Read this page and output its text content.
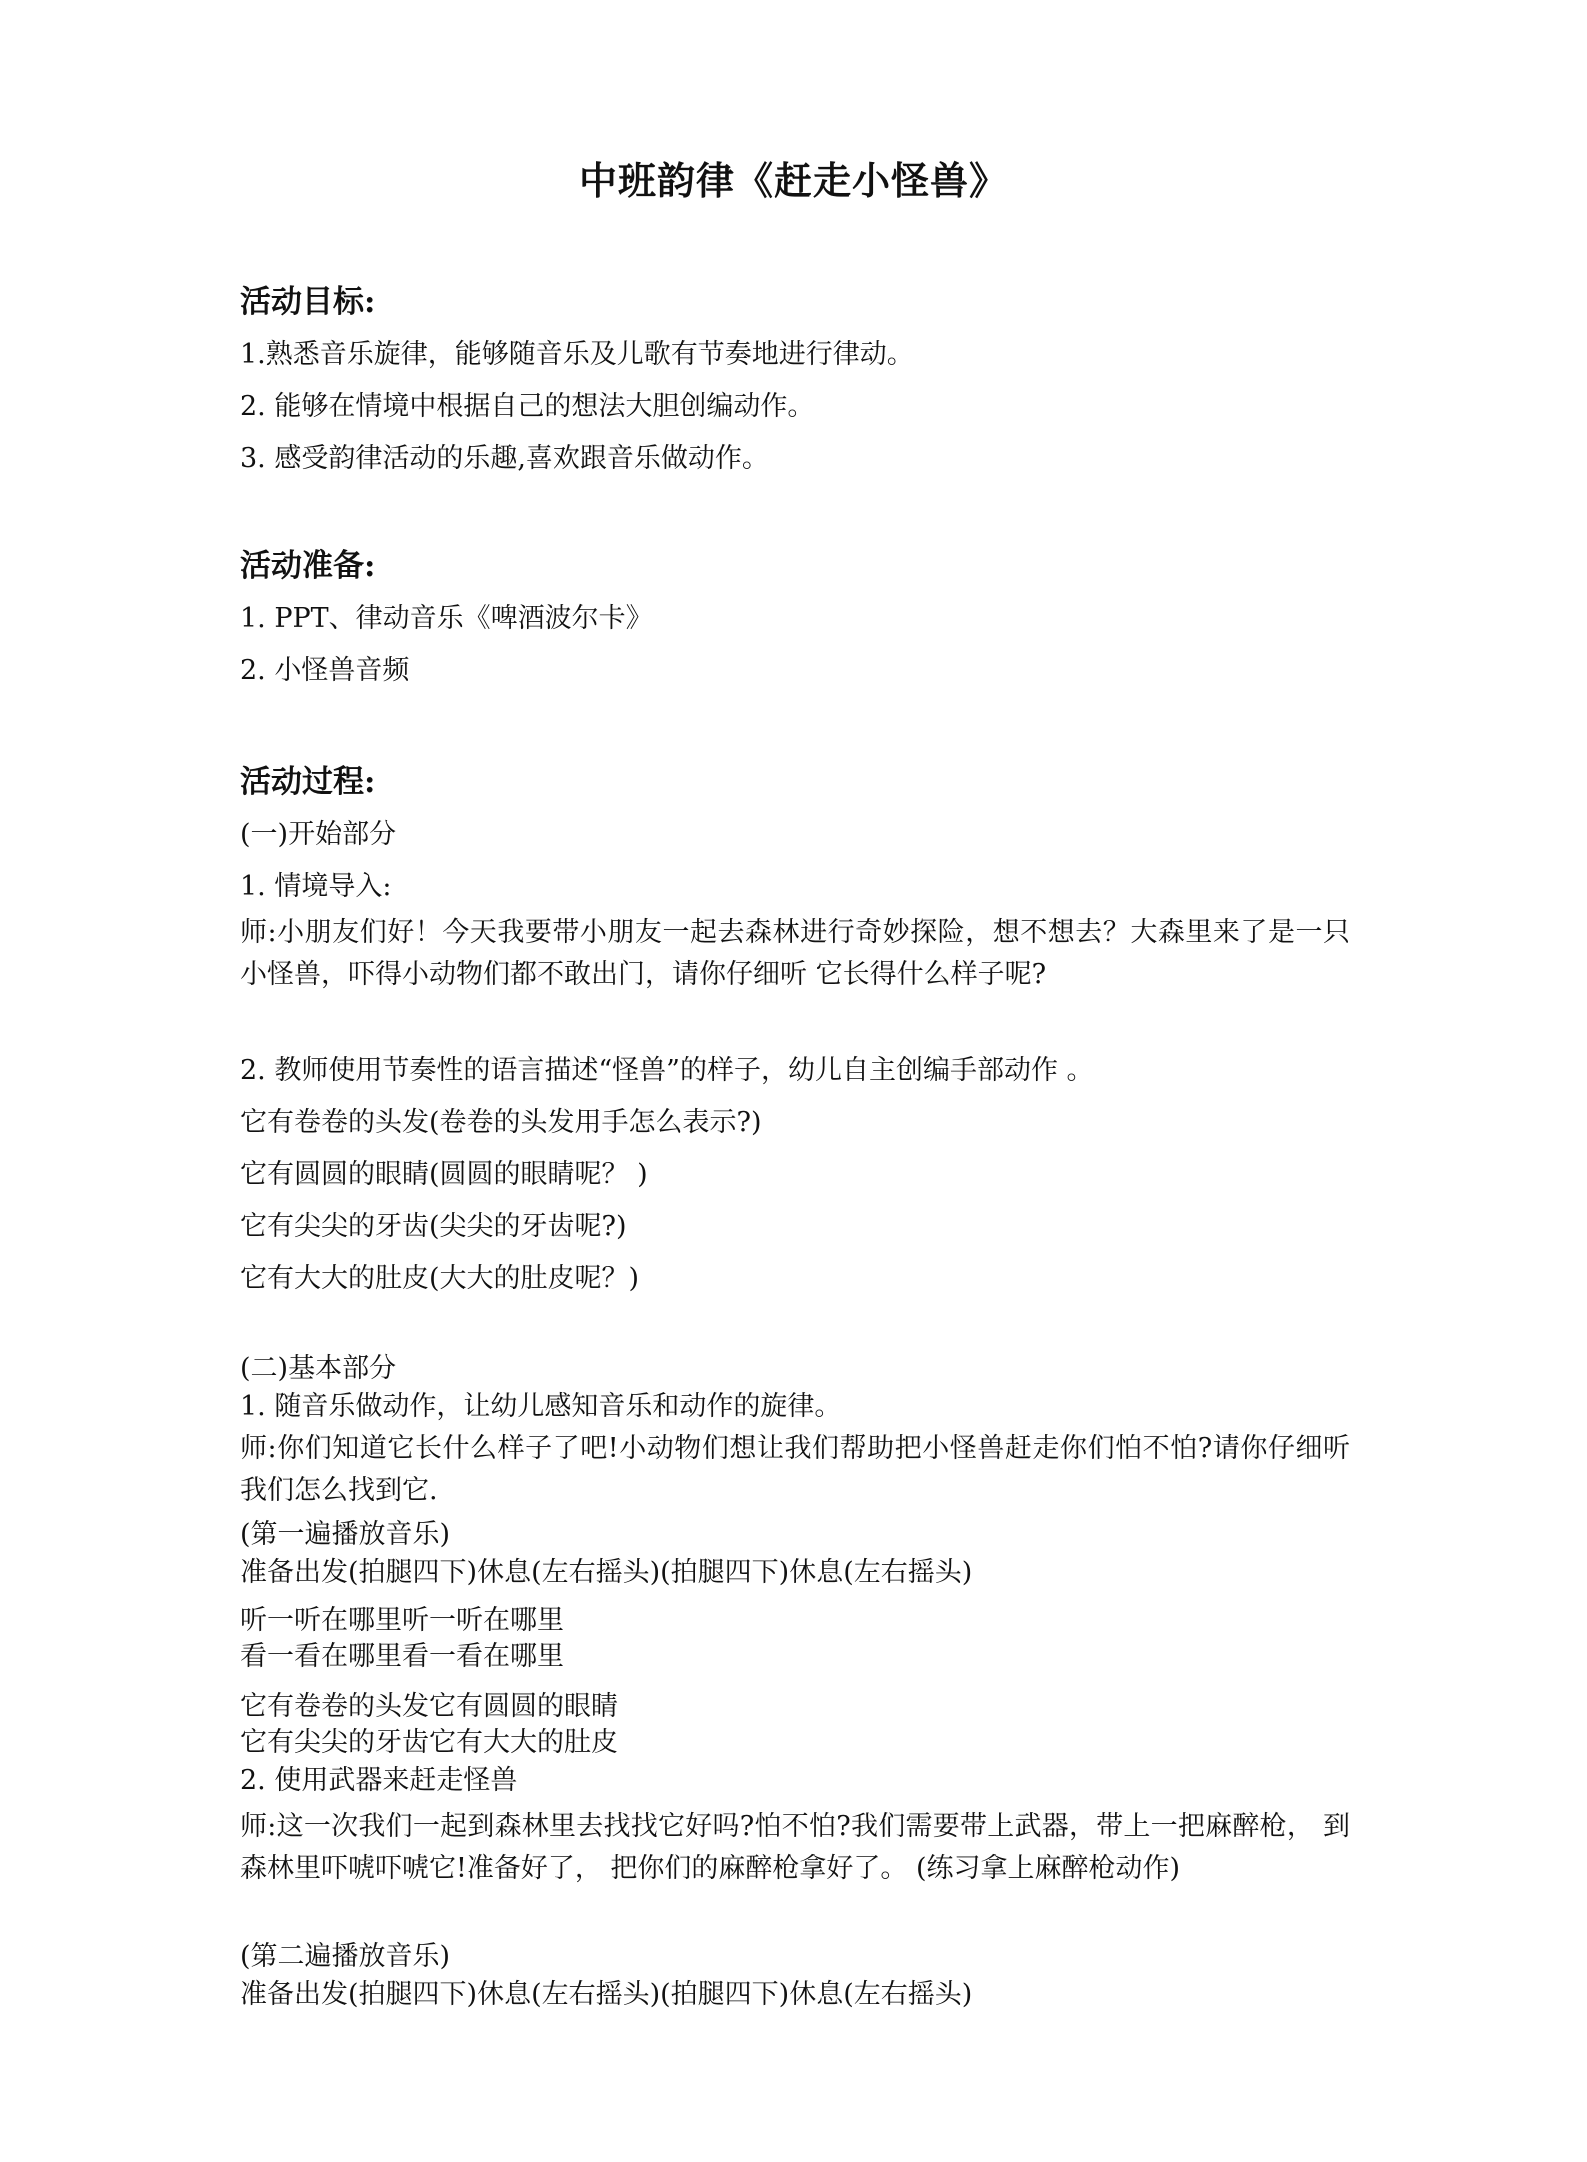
中班韵律《赶走小怪兽》
活动目标:
1.熟悉音乐旋律，能够随音乐及儿歌有节奏地进行律动。
2. 能够在情境中根据自己的想法大胆创编动作。
3. 感受韵律活动的乐趣,喜欢跟音乐做动作。
活动准备:
1. PPT、律动音乐《啤酒波尔卡》
2. 小怪兽音频
活动过程:
(一)开始部分
1. 情境导入:
师:小朋友们好！今天我要带小朋友一起去森林进行奇妙探险，想不想去？大森里来了是一只小怪兽，吓得小动物们都不敢出门，请你仔细听 它长得什么样子呢?
2. 教师使用节奏性的语言描述“怪兽”的样子，幼儿自主创编手部动作 。
它有卷卷的头发(卷卷的头发用手怎么表示?)
它有圆圆的眼睛(圆圆的眼睛呢？ )
它有尖尖的牙齿(尖尖的牙齿呢?)
它有大大的肚皮(大大的肚皮呢？)
(二)基本部分
1. 随音乐做动作，让幼儿感知音乐和动作的旋律。
师:你们知道它长什么样子了吧!小动物们想让我们帮助把小怪兽赶走你们怕不怕?请你仔细听我们怎么找到它.
(第一遍播放音乐)
准备出发(拍腿四下)休息(左右摇头)(拍腿四下)休息(左右摇头)
听一听在哪里听一听在哪里
看一看在哪里看一看在哪里
它有卷卷的头发它有圆圆的眼睛
它有尖尖的牙齿它有大大的肚皮
2. 使用武器来赶走怪兽
师:这一次我们一起到森林里去找找它好吗?怕不怕?我们需要带上武器，带上一把麻醉枪， 到森林里吓唬吓唬它!准备好了， 把你们的麻醉枪拿好了。 (练习拿上麻醉枪动作)
(第二遍播放音乐)
准备出发(拍腿四下)休息(左右摇头)(拍腿四下)休息(左右摇头)
